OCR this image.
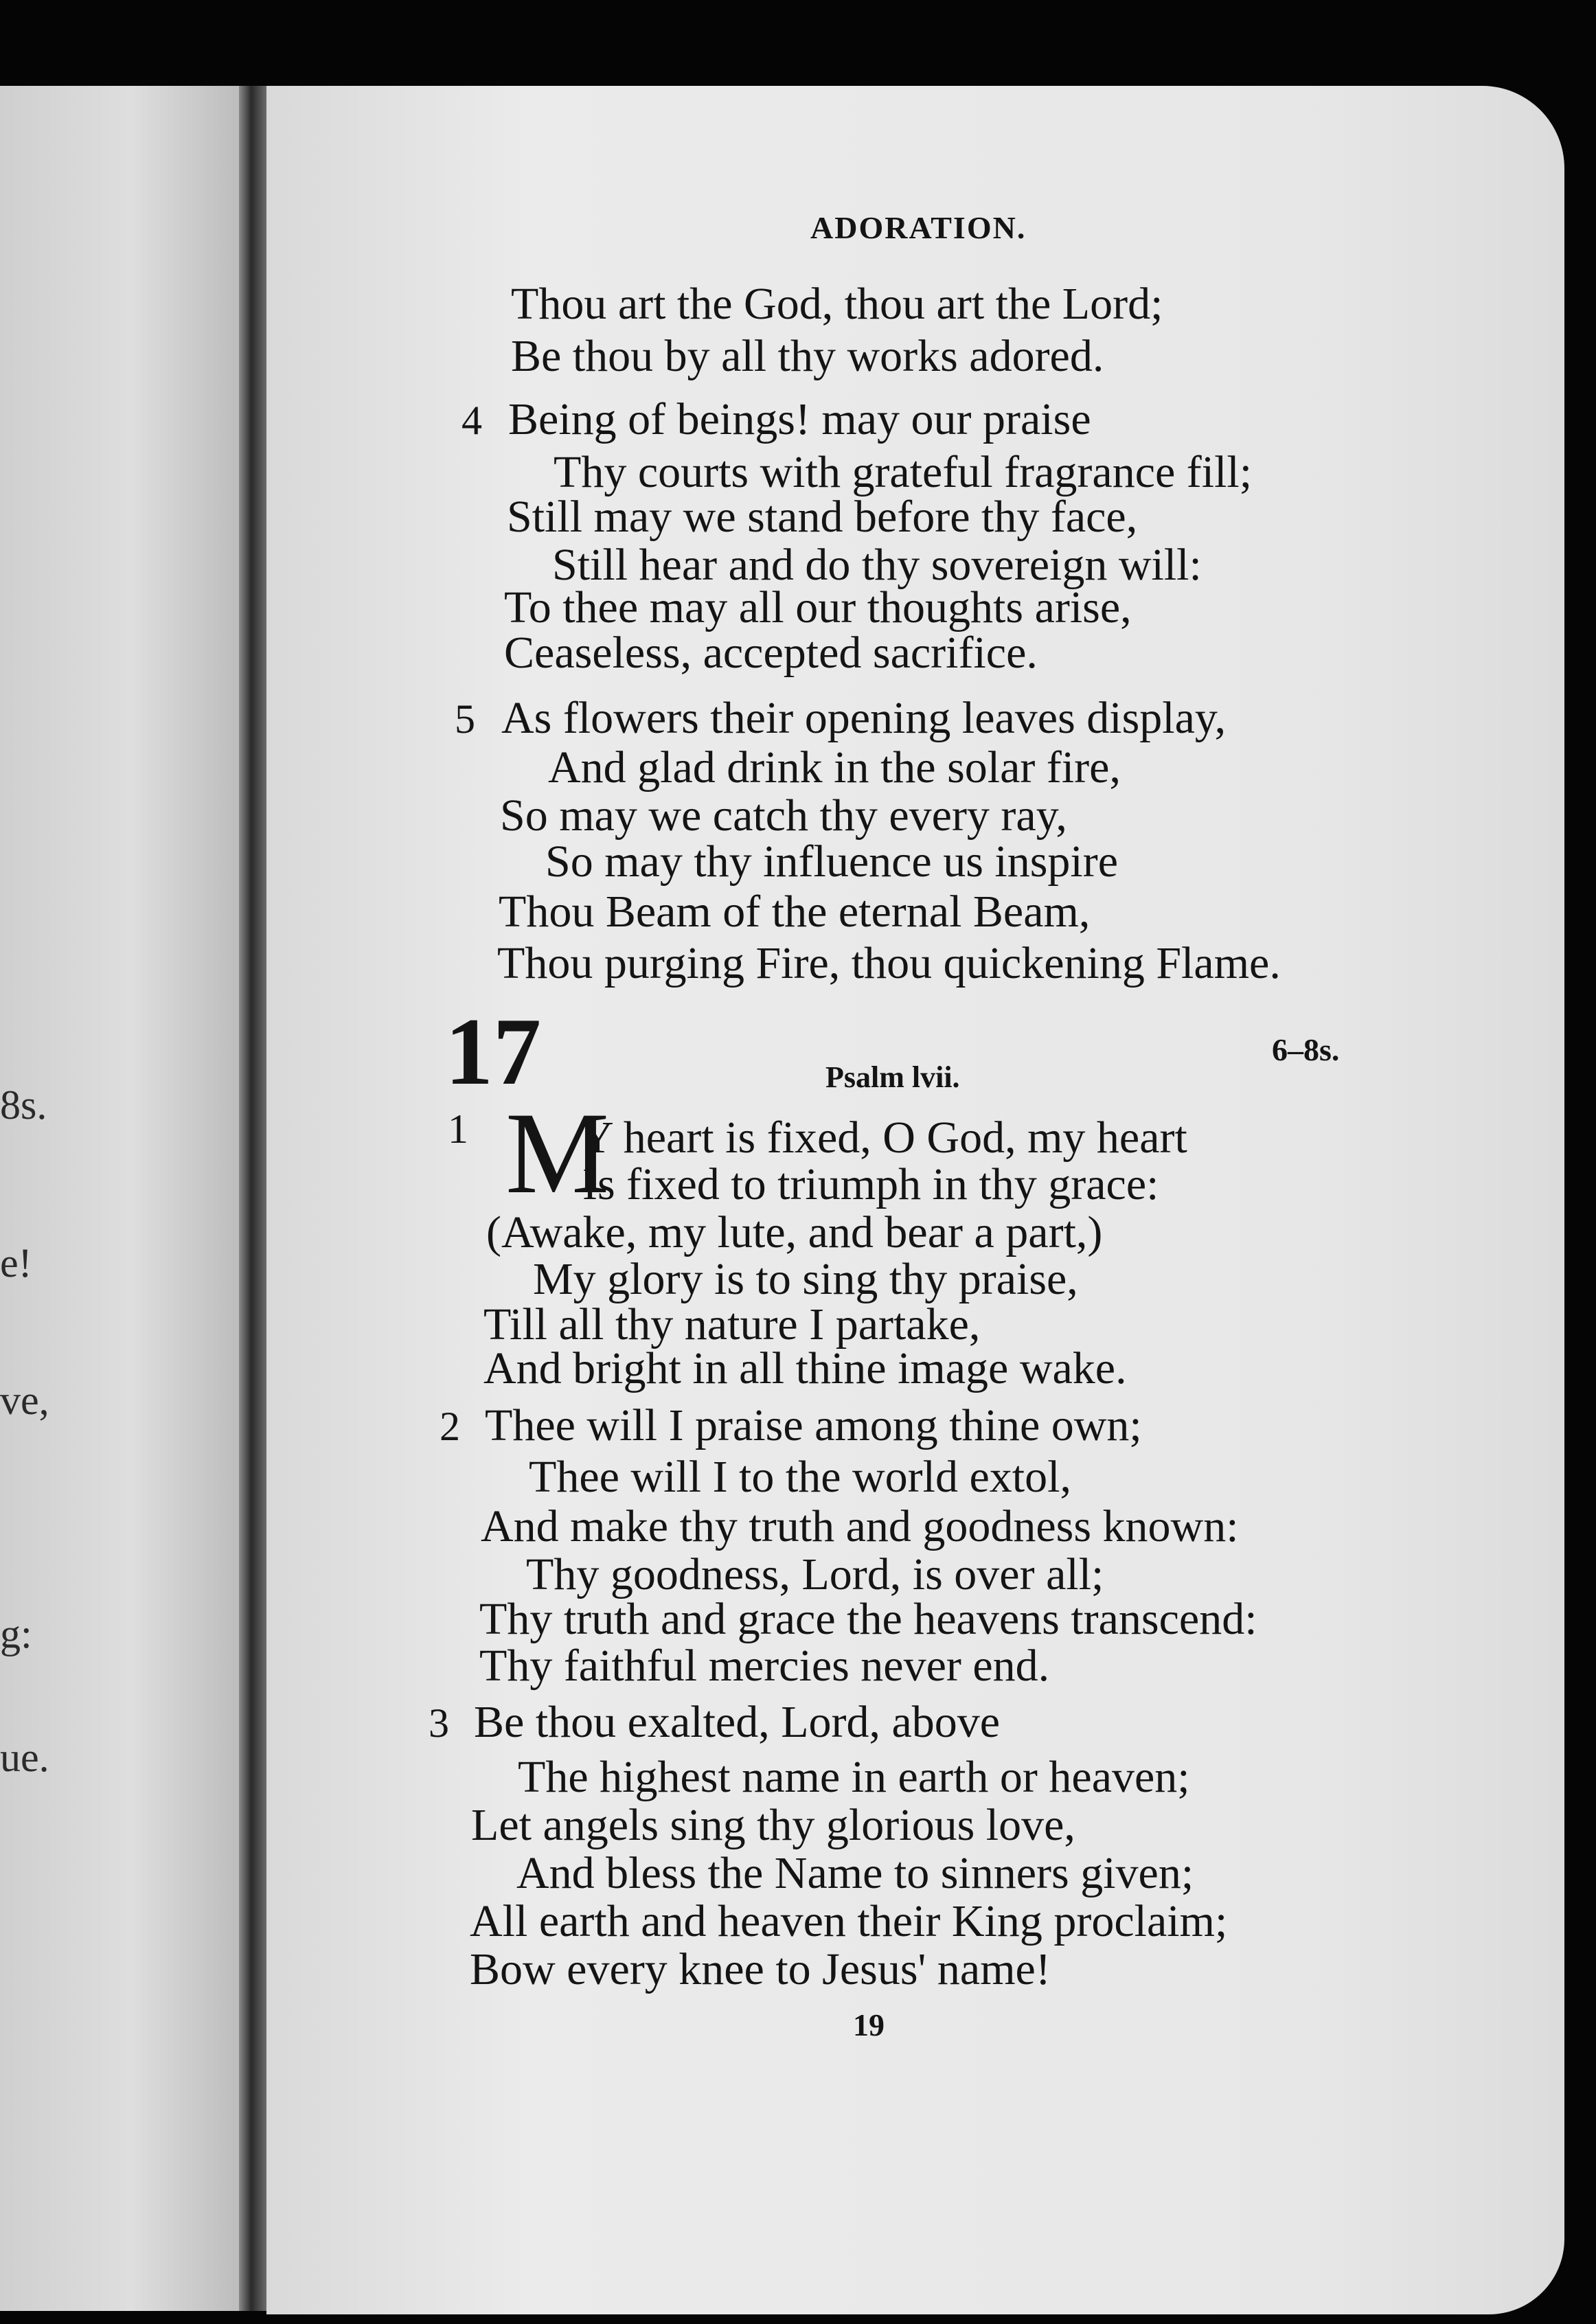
8s.
e!
ve,
g:
ue.
ADORATION.
4
5
1
2
3
17	6–8s.
Psalm lvii.
M
Thou art the God, thou art the Lord;
Be thou by all thy works adored.
Being of beings! may our praise
Thy courts with grateful fragrance fill;
Still may we stand before thy face,
Still hear and do thy sovereign will:
To thee may all our thoughts arise,
Ceaseless, accepted sacrifice.
As flowers their opening leaves display,
And glad drink in the solar fire,
So may we catch thy every ray,
So may thy influence us inspire
Thou Beam of the eternal Beam,
Thou purging Fire, thou quickening Flame.
Y heart is fixed, O God, my heart
Is fixed to triumph in thy grace:
(Awake, my lute, and bear a part,)
My glory is to sing thy praise,
Till all thy nature I partake,
And bright in all thine image wake.
Thee will I praise among thine own;
Thee will I to the world extol,
And make thy truth and goodness known:
Thy goodness, Lord, is over all;
Thy truth and grace the heavens transcend:
Thy faithful mercies never end.
Be thou exalted, Lord, above
The highest name in earth or heaven;
Let angels sing thy glorious love,
And bless the Name to sinners given;
All earth and heaven their King proclaim;
Bow every knee to Jesus' name!
19
